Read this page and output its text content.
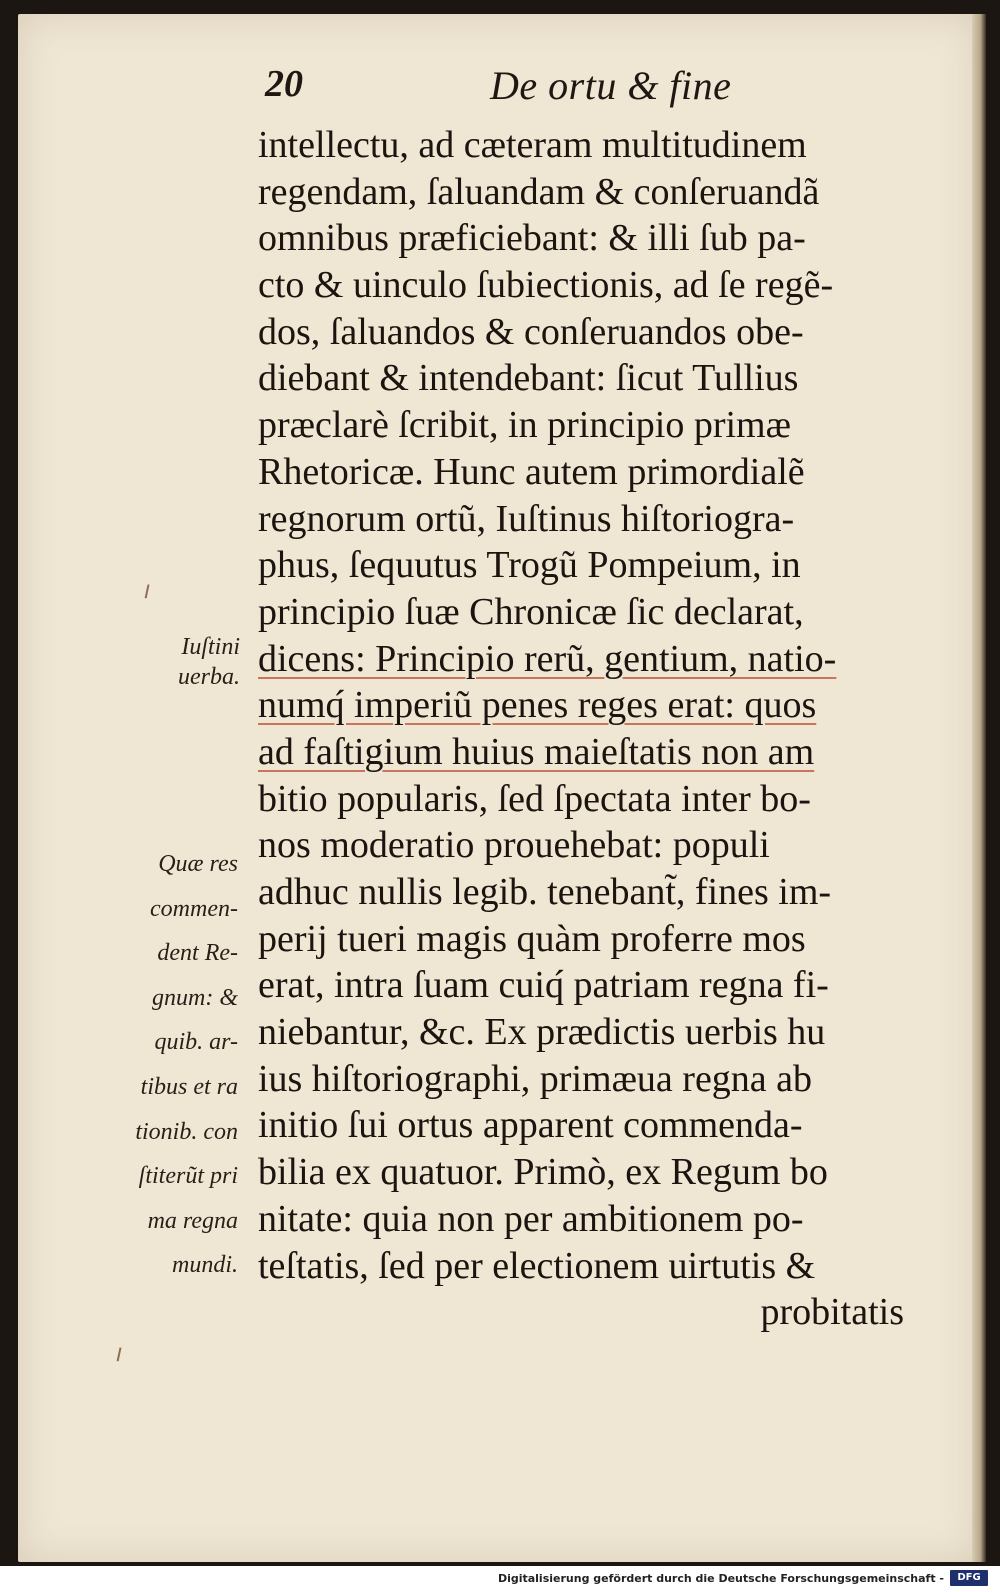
20	De ortu & fine
intellectu, ad cæteram multitudinem
regendam, ſaluandam & conſeruandã
omnibus præficiebant: & illi ſub pa-
cto & uinculo ſubiectionis, ad ſe regẽ-
dos, ſaluandos & conſeruandos obe-
diebant & intendebant: ſicut Tullius
præclarè ſcribit, in principio primæ
Rhetoricæ. Hunc autem primordialẽ
regnorum ortũ, Iuſtinus hiſtoriogra-
phus, ſequutus Trogũ Pompeium, in
principio ſuæ Chronicæ ſic declarat,
dicens: Principio rerũ, gentium, natio-
numq́ imperiũ penes reges erat: quos
ad faſtigium huius maieſtatis non am
bitio popularis, ſed ſpectata inter bo-
nos moderatio prouehebat: populi
adhuc nullis legib. tenebant̃, fines im-
perij tueri magis quàm proferre mos
erat, intra ſuam cuiq́ patriam regna fi-
niebantur, &c. Ex prædictis uerbis hu
ius hiſtoriographi, primæua regna ab
initio ſui ortus apparent commenda-
bilia ex quatuor. Primò, ex Regum bo
nitate: quia non per ambitionem po-
teſtatis, ſed per electionem uirtutis &
probitatis
Iuſtini
uerba.
Quæ res
commen-
dent Re-
gnum: &
quib. ar-
tibus et ra
tionib. con
ſtiterũt pri
ma regna
mundi.
Digitalisierung gefördert durch die Deutsche Forschungsgemeinschaft -	DFG
